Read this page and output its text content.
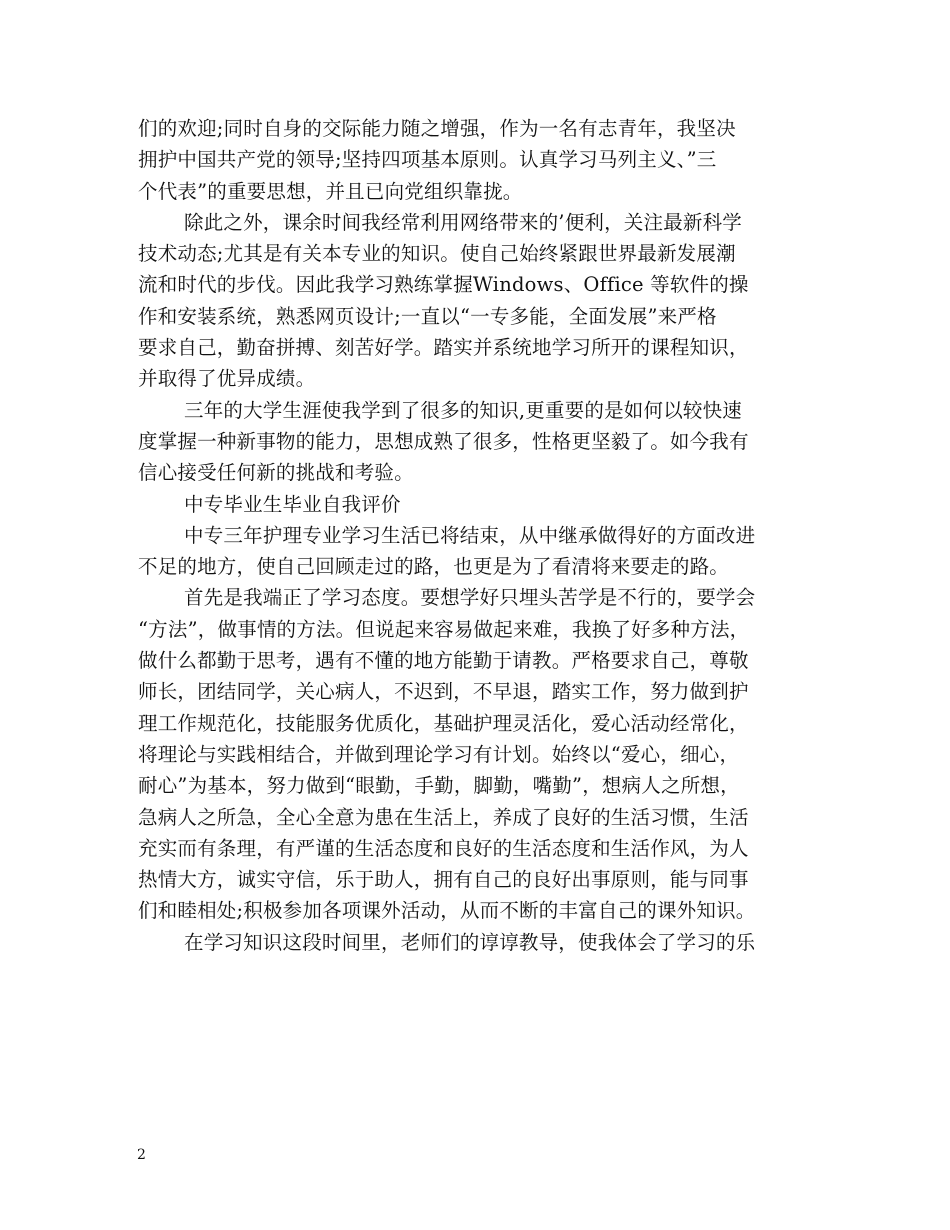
们的欢迎;同时自身的交际能力随之增强，作为一名有志青年，我坚决
拥护中国共产党的领导;坚持四项基本原则。认真学习马列主义、”三
个代表”的重要思想，并且已向党组织靠拢。
除此之外，课余时间我经常利用网络带来的’便利，关注最新科学
技术动态;尤其是有关本专业的知识。使自己始终紧跟世界最新发展潮
流和时代的步伐。因此我学习熟练掌握Windows、Office 等软件的操
作和安装系统，熟悉网页设计;一直以“一专多能，全面发展”来严格
要求自己，勤奋拼搏、刻苦好学。踏实并系统地学习所开的课程知识，
并取得了优异成绩。
三年的大学生涯使我学到了很多的知识,更重要的是如何以较快速
度掌握一种新事物的能力，思想成熟了很多，性格更坚毅了。如今我有
信心接受任何新的挑战和考验。
中专毕业生毕业自我评价
中专三年护理专业学习生活已将结束，从中继承做得好的方面改进
不足的地方，使自己回顾走过的路，也更是为了看清将来要走的路。
首先是我端正了学习态度。要想学好只埋头苦学是不行的，要学会
“方法”，做事情的方法。但说起来容易做起来难，我换了好多种方法，
做什么都勤于思考，遇有不懂的地方能勤于请教。严格要求自己，尊敬
师长，团结同学，关心病人，不迟到，不早退，踏实工作，努力做到护
理工作规范化，技能服务优质化，基础护理灵活化，爱心活动经常化，
将理论与实践相结合，并做到理论学习有计划。始终以“爱心，细心，
耐心”为基本，努力做到“眼勤，手勤，脚勤，嘴勤”，想病人之所想，
急病人之所急，全心全意为患在生活上，养成了良好的生活习惯，生活
充实而有条理，有严谨的生活态度和良好的生活态度和生活作风，为人
热情大方，诚实守信，乐于助人，拥有自己的良好出事原则，能与同事
们和睦相处;积极参加各项课外活动，从而不断的丰富自己的课外知识。
在学习知识这段时间里，老师们的谆谆教导，使我体会了学习的乐
2
